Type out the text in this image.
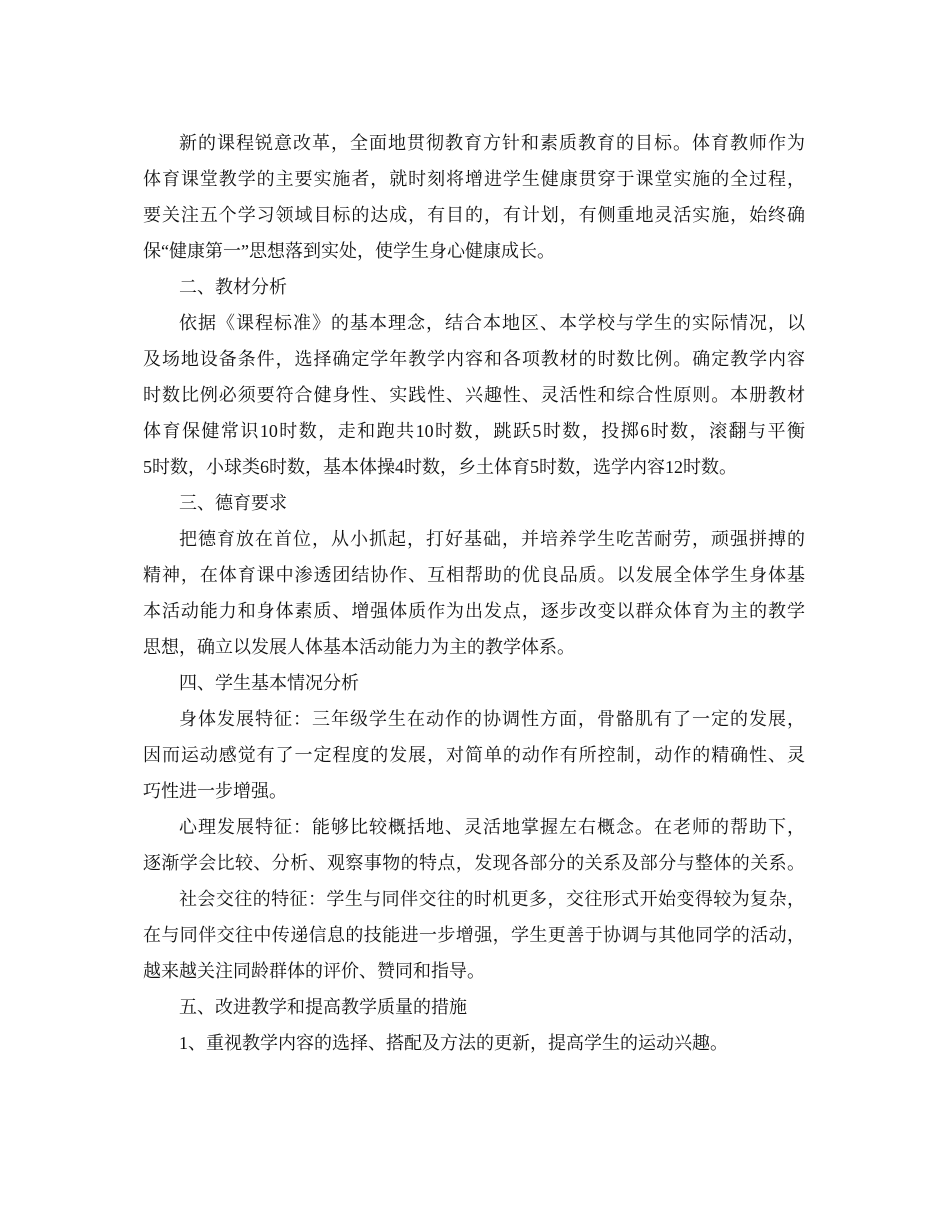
新的课程锐意改革，全面地贯彻教育方针和素质教育的目标。体育教师作为
体育课堂教学的主要实施者，就时刻将增进学生健康贯穿于课堂实施的全过程，
要关注五个学习领域目标的达成，有目的，有计划，有侧重地灵活实施，始终确
保“健康第一”思想落到实处，使学生身心健康成长。
二、教材分析
依据《课程标准》的基本理念，结合本地区、本学校与学生的实际情况，以
及场地设备条件，选择确定学年教学内容和各项教材的时数比例。确定教学内容
时数比例必须要符合健身性、实践性、兴趣性、灵活性和综合性原则。本册教材
体育保健常识10时数，走和跑共10时数，跳跃5时数，投掷6时数，滚翻与平衡
5时数，小球类6时数，基本体操4时数，乡土体育5时数，选学内容12时数。
三、德育要求
把德育放在首位，从小抓起，打好基础，并培养学生吃苦耐劳，顽强拼搏的
精神，在体育课中渗透团结协作、互相帮助的优良品质。以发展全体学生身体基
本活动能力和身体素质、增强体质作为出发点，逐步改变以群众体育为主的教学
思想，确立以发展人体基本活动能力为主的教学体系。
四、学生基本情况分析
身体发展特征：三年级学生在动作的协调性方面，骨骼肌有了一定的发展，
因而运动感觉有了一定程度的发展，对简单的动作有所控制，动作的精确性、灵
巧性进一步增强。
心理发展特征：能够比较概括地、灵活地掌握左右概念。在老师的帮助下，
逐渐学会比较、分析、观察事物的特点，发现各部分的关系及部分与整体的关系。
社会交往的特征：学生与同伴交往的时机更多，交往形式开始变得较为复杂，
在与同伴交往中传递信息的技能进一步增强，学生更善于协调与其他同学的活动，
越来越关注同龄群体的评价、赞同和指导。
五、改进教学和提高教学质量的措施
1、重视教学内容的选择、搭配及方法的更新，提高学生的运动兴趣。
